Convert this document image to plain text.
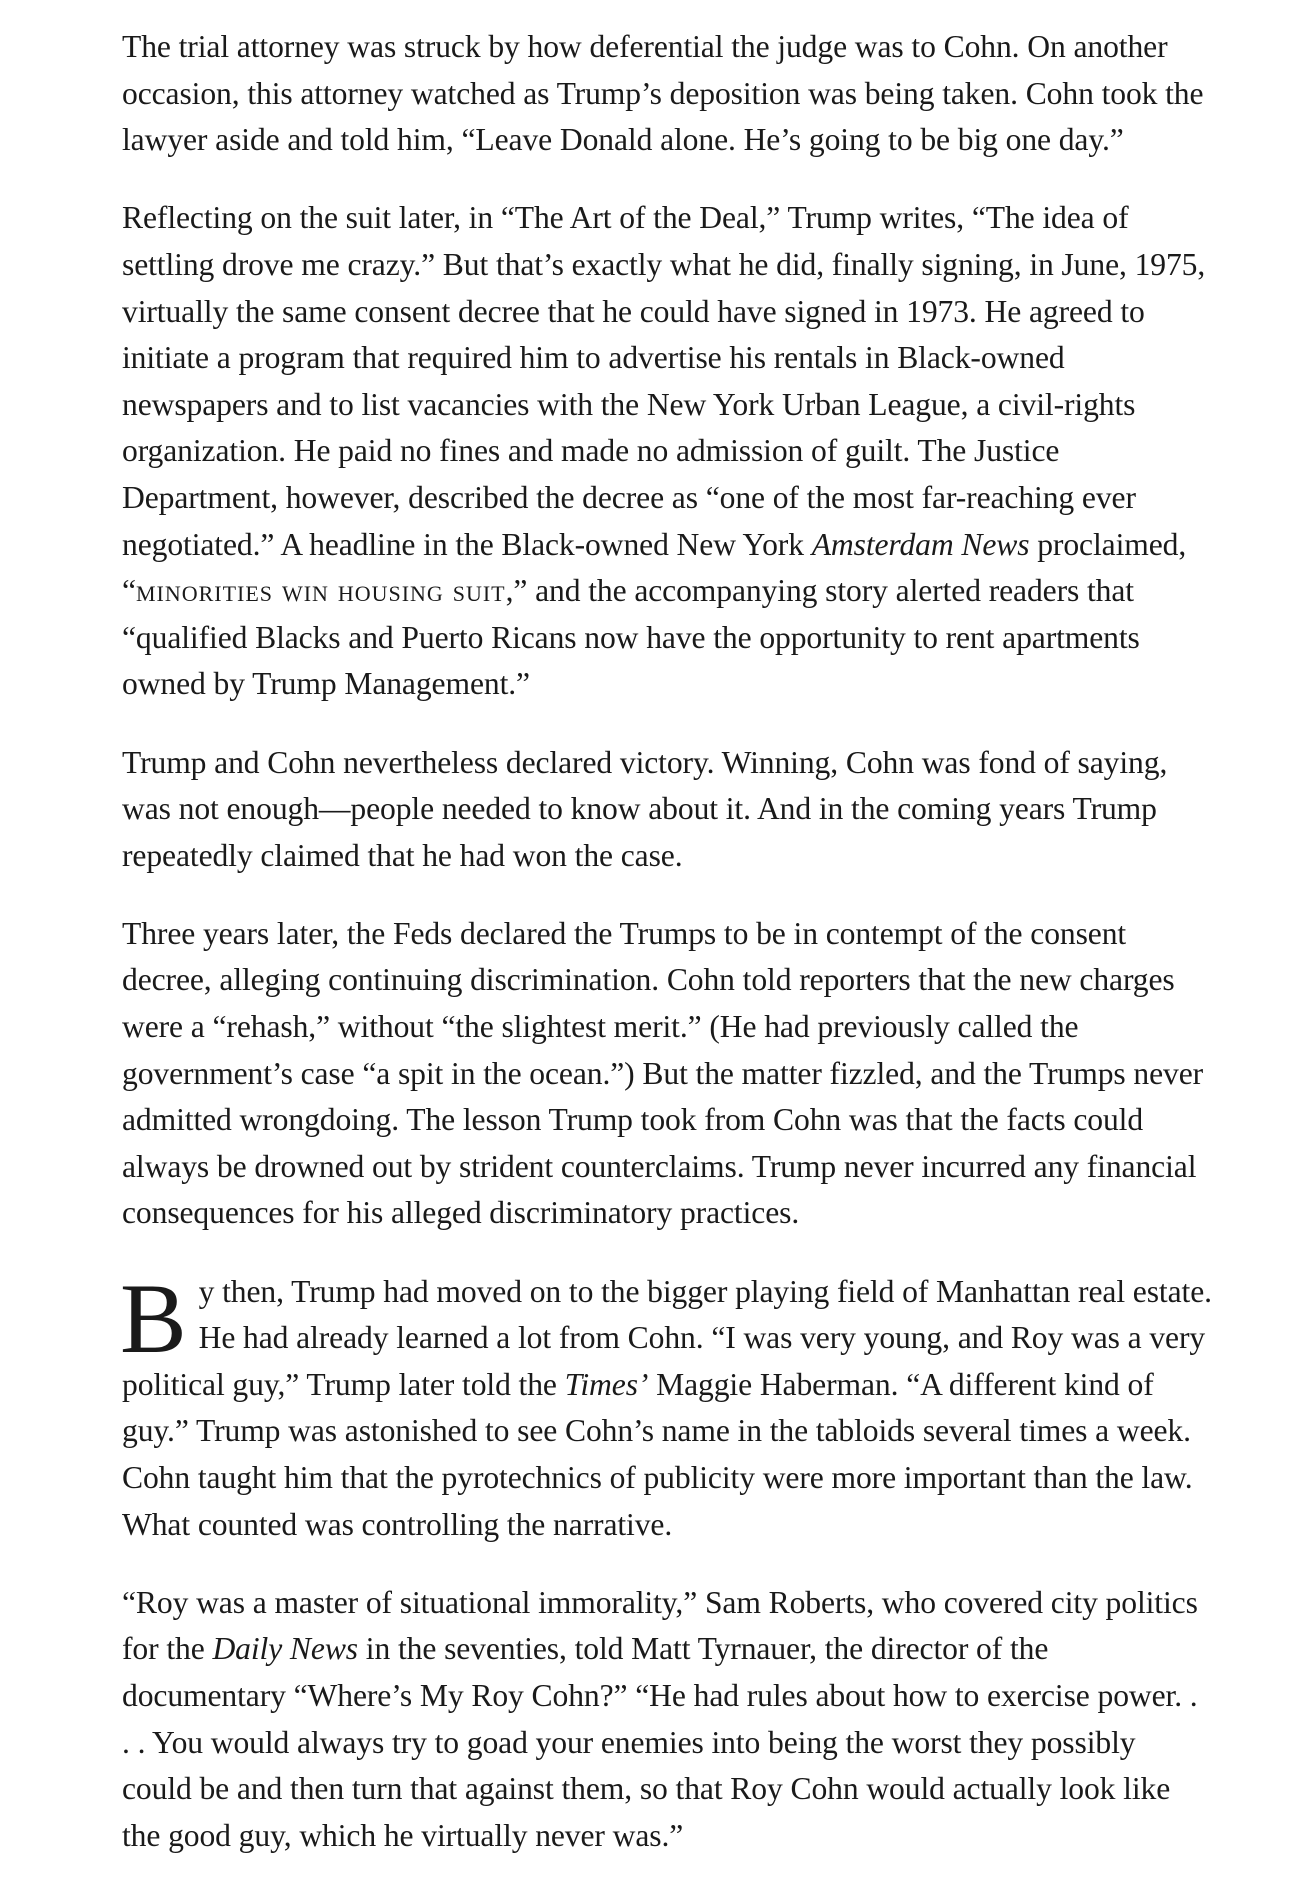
The trial attorney was struck by how deferential the judge was to Cohn. On another occasion, this attorney watched as Trump’s deposition was being taken. Cohn took the lawyer aside and told him, “Leave Donald alone. He’s going to be big one day.”

Reflecting on the suit later, in “The Art of the Deal,” Trump writes, “The idea of settling drove me crazy.” But that’s exactly what he did, finally signing, in June, 1975, virtually the same consent decree that he could have signed in 1973. He agreed to initiate a program that required him to advertise his rentals in Black-owned newspapers and to list vacancies with the New York Urban League, a civil-rights organization. He paid no fines and made no admission of guilt. The Justice Department, however, described the decree as “one of the most far-reaching ever negotiated.” A headline in the Black-owned New York Amsterdam News proclaimed, “minorities win housing suit,” and the accompanying story alerted readers that “qualified Blacks and Puerto Ricans now have the opportunity to rent apartments owned by Trump Management.”

Trump and Cohn nevertheless declared victory. Winning, Cohn was fond of saying, was not enough—people needed to know about it. And in the coming years Trump repeatedly claimed that he had won the case.

Three years later, the Feds declared the Trumps to be in contempt of the consent decree, alleging continuing discrimination. Cohn told reporters that the new charges were a “rehash,” without “the slightest merit.” (He had previously called the government’s case “a spit in the ocean.”) But the matter fizzled, and the Trumps never admitted wrongdoing. The lesson Trump took from Cohn was that the facts could always be drowned out by strident counterclaims. Trump never incurred any financial consequences for his alleged discriminatory practices.

By then, Trump had moved on to the bigger playing field of Manhattan real estate. He had already learned a lot from Cohn. “I was very young, and Roy was a very political guy,” Trump later told the Times’ Maggie Haberman. “A different kind of guy.” Trump was astonished to see Cohn’s name in the tabloids several times a week. Cohn taught him that the pyrotechnics of publicity were more important than the law. What counted was controlling the narrative.

“Roy was a master of situational immorality,” Sam Roberts, who covered city politics for the Daily News in the seventies, told Matt Tyrnauer, the director of the documentary “Where’s My Roy Cohn?” “He had rules about how to exercise power. . . . You would always try to goad your enemies into being the worst they possibly could be and then turn that against them, so that Roy Cohn would actually look like the good guy, which he virtually never was.”
